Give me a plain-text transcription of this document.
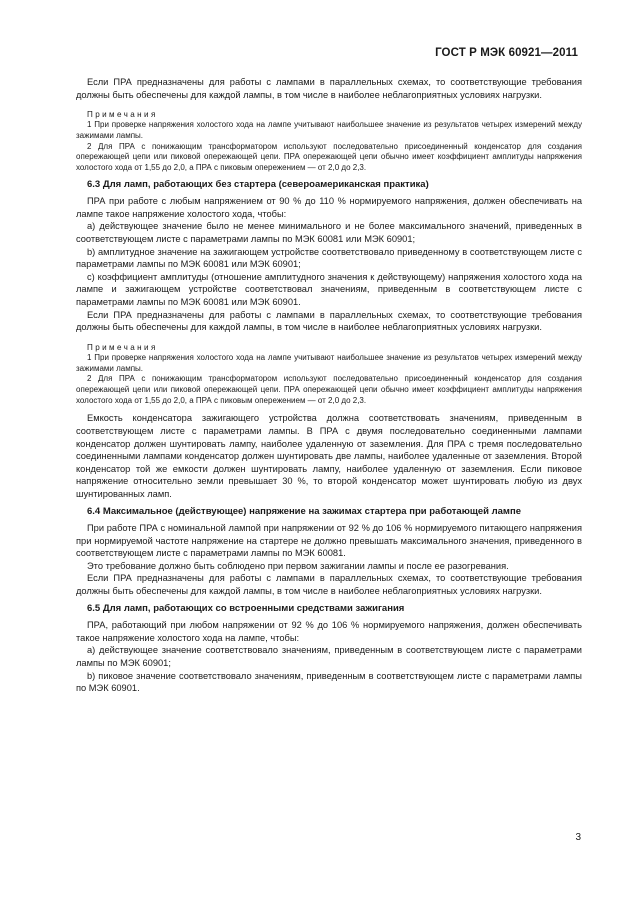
ГОСТ Р МЭК 60921—2011

Если ПРА предназначены для работы с лампами в параллельных схемах, то соответствующие требования должны быть обеспечены для каждой лампы, в том числе в наиболее неблагоприятных условиях нагрузки.

Примечания
1 При проверке напряжения холостого хода на лампе учитывают наибольшее значение из результатов четырех измерений между зажимами лампы.
2 Для ПРА с понижающим трансформатором используют последовательно присоединенный конденсатор для создания опережающей цепи или пиковой опережающей цепи. ПРА опережающей цепи обычно имеет коэффициент амплитуды напряжения холостого хода от 1,55 до 2,0, а ПРА с пиковым опережением — от 2,0 до 2,3.
6.3 Для ламп, работающих без стартера (североамериканская практика)

ПРА при работе с любым напряжением от 90 % до 110 % нормируемого напряжения, должен обеспечивать на лампе такое напряжение холостого хода, чтобы:

а) действующее значение было не менее минимального и не более максимального значений, приведенных в соответствующем листе с параметрами лампы по МЭК 60081 или МЭК 60901;

b) амплитудное значение на зажигающем устройстве соответствовало приведенному в соответствующем листе с параметрами лампы по МЭК 60081 или МЭК 60901;

c) коэффициент амплитуды (отношение амплитудного значения к действующему) напряжения холостого хода на лампе и зажигающем устройстве соответствовал значениям, приведенным в соответствующем листе с параметрами лампы по МЭК 60081 или МЭК 60901.

Если ПРА предназначены для работы с лампами в параллельных схемах, то соответствующие требования должны быть обеспечены для каждой лампы, в том числе в наиболее неблагоприятных условиях нагрузки.

Примечания
1 При проверке напряжения холостого хода на лампе учитывают наибольшее значение из результатов четырех измерений между зажимами лампы.
2 Для ПРА с понижающим трансформатором используют последовательно присоединенный конденсатор для создания опережающей цепи или пиковой опережающей цепи. ПРА опережающей цепи обычно имеет коэффициент амплитуды напряжения холостого хода от 1,55 до 2,0, а ПРА с пиковым опережением — от 2,0 до 2,3.

Емкость конденсатора зажигающего устройства должна соответствовать значениям, приведенным в соответствующем листе с параметрами лампы. В ПРА с двумя последовательно соединенными лампами конденсатор должен шунтировать лампу, наиболее удаленную от заземления. Для ПРА с тремя последовательно соединенными лампами конденсатор должен шунтировать две лампы, наиболее удаленные от заземления. Второй конденсатор той же емкости должен шунтировать лампу, наиболее удаленную от заземления. Если пиковое напряжение относительно земли превышает 30 %, то второй конденсатор может шунтировать любую из двух шунтированных ламп.

6.4 Максимальное (действующее) напряжение на зажимах стартера при работающей лампе

При работе ПРА с номинальной лампой при напряжении от 92 % до 106 % нормируемого питающего напряжения при нормируемой частоте напряжение на стартере не должно превышать максимального значения, приведенного в соответствующем листе с параметрами лампы по МЭК 60081.

Это требование должно быть соблюдено при первом зажигании лампы и после ее разогревания.

Если ПРА предназначены для работы с лампами в параллельных схемах, то соответствующие требования должны быть обеспечены для каждой лампы, в том числе в наиболее неблагоприятных условиях нагрузки.

6.5 Для ламп, работающих со встроенными средствами зажигания

ПРА, работающий при любом напряжении от 92 % до 106 % нормируемого напряжения, должен обеспечивать такое напряжение холостого хода на лампе, чтобы:

а) действующее значение соответствовало значениям, приведенным в соответствующем листе с параметрами лампы по МЭК 60901;

b) пиковое значение соответствовало значениям, приведенным в соответствующем листе с параметрами лампы по МЭК 60901.

3
